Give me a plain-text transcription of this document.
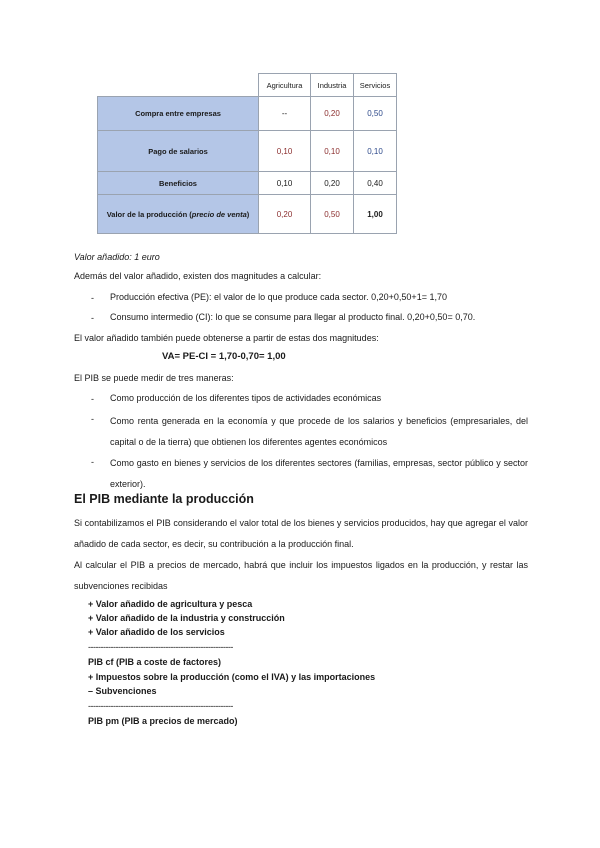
	Agricultura	Industria	Servicios
Compra entre empresas	--	0,20	0,50
Pago de salarios	0,10	0,10	0,10
Beneficios	0,10	0,20	0,40
Valor de la producción (precio de venta)	0,20	0,50	1,00
Valor añadido: 1 euro
Además del valor añadido, existen dos magnitudes a calcular:
- Producción efectiva (PE): el valor de lo que produce cada sector. 0,20+0,50+1= 1,70
- Consumo intermedio (CI): lo que se consume para llegar al producto final. 0,20+0,50= 0,70.
El valor añadido también puede obtenerse a partir de estas dos magnitudes:
VA= PE-CI = 1,70-0,70= 1,00
El PIB se puede medir de tres maneras:
- Como producción de los diferentes tipos de actividades económicas
- Como renta generada en la economía y que procede de los salarios y beneficios (empresariales, del capital o de la tierra) que obtienen los diferentes agentes económicos
- Como gasto en bienes y servicios de los diferentes sectores (familias, empresas, sector público y sector exterior).
El PIB mediante la producción
Si contabilizamos el PIB considerando el valor total de los bienes y servicios producidos, hay que agregar el valor añadido de cada sector, es decir, su contribución a la producción final.
Al calcular el PIB a precios de mercado, habrá que incluir los impuestos ligados en la producción, y restar las subvenciones recibidas
+ Valor añadido de agricultura y pesca
+ Valor añadido de la industria y construcción
+ Valor añadido de los servicios
----------------------------------------------------------
PIB cf (PIB a coste de factores)
+ Impuestos sobre la producción (como el IVA) y las importaciones
– Subvenciones
----------------------------------------------------------
PIB pm (PIB a precios de mercado)
